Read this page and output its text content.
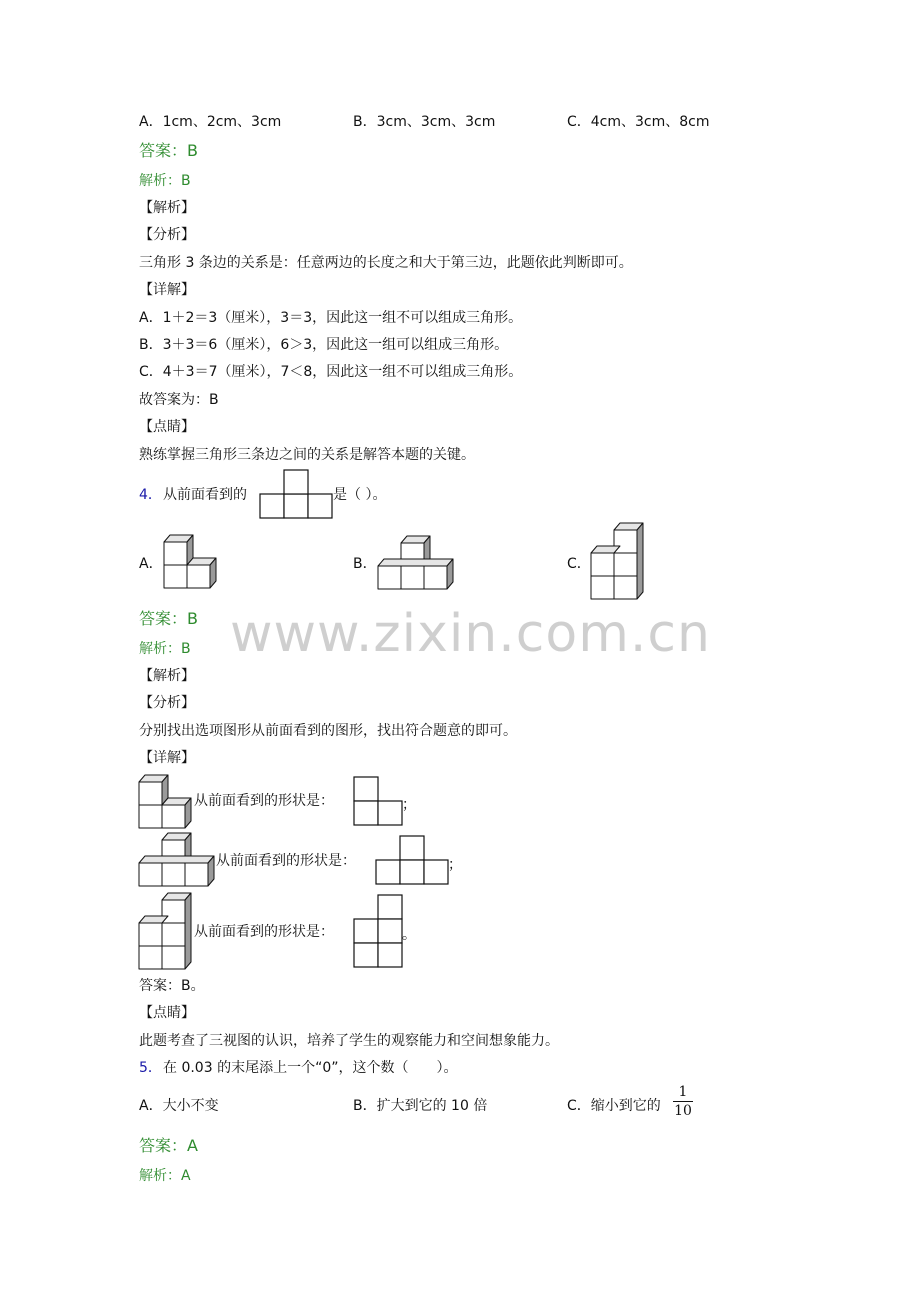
www.zixin.com.cn
A．1cm、2cm、3cm	B．3cm、3cm、3cm	C．4cm、3cm、8cm
答案：B
解析：B
【解析】
【分析】
三角形 3 条边的关系是：任意两边的长度之和大于第三边，此题依此判断即可。
【详解】
A．1＋2＝3（厘米），3＝3，因此这一组不可以组成三角形。
B．3＋3＝6（厘米），6＞3，因此这一组可以组成三角形。
C．4＋3＝7（厘米），7＜8，因此这一组不可以组成三角形。
故答案为：B
【点睛】
熟练掌握三角形三条边之间的关系是解答本题的关键。
4． 从前面看到的	是（ ）。
A．	B．	C．
答案：B
解析：B
【解析】
【分析】
分别找出选项图形从前面看到的图形，找出符合题意的即可。
【详解】
从前面看到的形状是：	；
从前面看到的形状是：	；
从前面看到的形状是：	。
答案：B。
【点睛】
此题考查了三视图的认识，培养了学生的观察能力和空间想象能力。
5． 在 0.03 的末尾添上一个“0”，这个数（　　）。
A．大小不变	B．扩大到它的 10 倍	C．缩小到它的
1
10
答案：A
解析：A
